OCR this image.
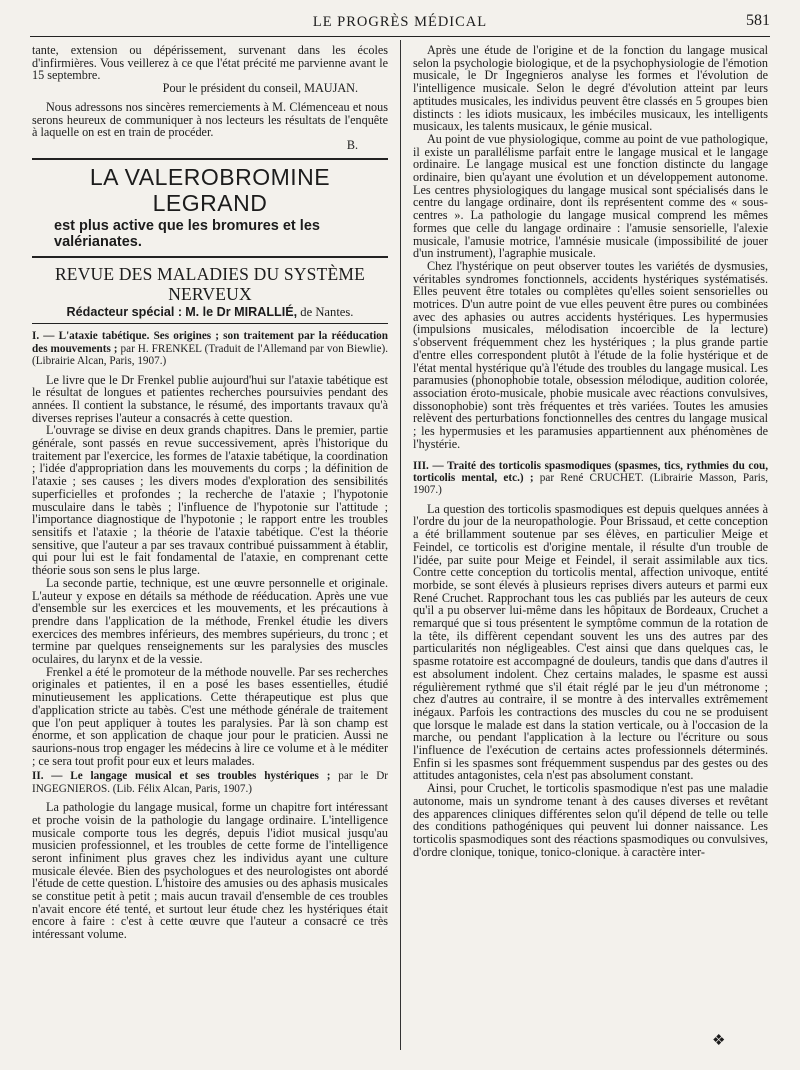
LE PROGRÈS MÉDICAL	581

tante, extension ou dépérissement, survenant dans les écoles d'infirmières. Vous veillerez à ce que l'état précité me parvienne avant le 15 septembre.

Pour le président du conseil, MAUJAN.

Nous adressons nos sincères remerciements à M. Clémenceau et nous serons heureux de communiquer à nos lecteurs les résultats de l'enquête à laquelle on est en train de procéder.

B.

LA VALEROBROMINE LEGRAND
est plus active que les bromures et les valérianates.
REVUE DES MALADIES DU SYSTÈME NERVEUX
Rédacteur spécial : M. le Dr MIRALLIÉ, de Nantes.

I. — L'ataxie tabétique. Ses origines ; son traitement par la rééducation des mouvements ; par H. FRENKEL (Traduit de l'Allemand par von Biewlie). (Librairie Alcan, Paris, 1907.)

Le livre que le Dr Frenkel publie aujourd'hui sur l'ataxie tabétique est le résultat de longues et patientes recherches poursuivies pendant des années. Il contient la substance, le résumé, des importants travaux qu'à diverses reprises l'auteur a consacrés à cette question.

L'ouvrage se divise en deux grands chapitres. Dans le premier, partie générale, sont passés en revue successivement, après l'historique du traitement par l'exercice, les formes de l'ataxie tabétique, la coordination ; l'idée d'appropriation dans les mouvements du corps ; la définition de l'ataxie ; ses causes ; les divers modes d'exploration des sensibilités superficielles et profondes ; la recherche de l'ataxie ; l'hypotonie musculaire dans le tabès ; l'influence de l'hypotonie sur l'attitude ; l'importance diagnostique de l'hypotonie ; le rapport entre les troubles sensitifs et l'ataxie ; la théorie de l'ataxie tabétique. C'est la théorie sensitive, que l'auteur a par ses travaux contribué puissamment à établir, qui pour lui est le fait fondamental de l'ataxie, en comprenant cette théorie sous son sens le plus large.

La seconde partie, technique, est une œuvre personnelle et originale. L'auteur y expose en détails sa méthode de rééducation. Après une vue d'ensemble sur les exercices et les mouvements, et les précautions à prendre dans l'application de la méthode, Frenkel étudie les divers exercices des membres inférieurs, des membres supérieurs, du tronc ; et termine par quelques renseignements sur les paralysies des muscles oculaires, du larynx et de la vessie.

Frenkel a été le promoteur de la méthode nouvelle. Par ses recherches originales et patientes, il en a posé les bases essentielles, étudié minutieusement les applications. Cette thérapeutique est plus que d'application stricte au tabès. C'est une méthode générale de traitement que l'on peut appliquer à toutes les paralysies. Par là son champ est énorme, et son application de chaque jour pour le praticien. Aussi ne saurions-nous trop engager les médecins à lire ce volume et à le méditer ; ce sera tout profit pour eux et leurs malades.

II. — Le langage musical et ses troubles hystériques ; par le Dr INGEGNIEROS. (Lib. Félix Alcan, Paris, 1907.)

La pathologie du langage musical, forme un chapitre fort intéressant et proche voisin de la pathologie du langage ordinaire. L'intelligence musicale comporte tous les degrés, depuis l'idiot musical jusqu'au musicien professionnel, et les troubles de cette forme de l'intelligence seront infiniment plus graves chez les individus ayant une culture musicale élevée. Bien des psychologues et des neurologistes ont abordé l'étude de cette question. L'histoire des amusies ou des aphasis musicales se constitue petit à petit ; mais aucun travail d'ensemble de ces troubles n'avait encore été tenté, et surtout leur étude chez les hystériques était encore à faire : c'est à cette œuvre que l'auteur a consacré ce très intéressant volume.

Après une étude de l'origine et de la fonction du langage musical selon la psychologie biologique, et de la psychophysiologie de l'émotion musicale, le Dr Ingegnieros analyse les formes et l'évolution de l'intelligence musicale. Selon le degré d'évolution atteint par leurs aptitudes musicales, les individus peuvent être classés en 5 groupes bien distincts : les idiots musicaux, les imbéciles musicaux, les intelligents musicaux, les talents musicaux, le génie musical.

Au point de vue physiologique, comme au point de vue pathologique, il existe un parallélisme parfait entre le langage musical et le langage ordinaire. Le langage musical est une fonction distincte du langage ordinaire, bien qu'ayant une évolution et un développement autonome. Les centres physiologiques du langage musical sont spécialisés dans le centre du langage ordinaire, dont ils représentent comme des « sous-centres ». La pathologie du langage musical comprend les mêmes formes que celle du langage ordinaire : l'amusie sensorielle, l'alexie musicale, l'amusie motrice, l'amnésie musicale (impossibilité de jouer d'un instrument), l'agraphie musicale.

Chez l'hystérique on peut observer toutes les variétés de dysmusies, véritables syndromes fonctionnels, accidents hystériques systématisés. Elles peuvent être totales ou complètes qu'elles soient sensorielles ou motrices. D'un autre point de vue elles peuvent être pures ou combinées avec des aphasies ou autres accidents hystériques. Les hypermusies (impulsions musicales, mélodisation incoercible de la lecture) s'observent fréquemment chez les hystériques ; la plus grande partie d'entre elles correspondent plutôt à l'étude de la folie hystérique et de l'état mental hystérique qu'à l'étude des troubles du langage musical. Les paramusies (phonophobie totale, obsession mélodique, audition colorée, association éroto-musicale, phobie musicale avec réactions convulsives, dissonophobie) sont très fréquentes et très variées. Toutes les amusies relèvent des perturbations fonctionnelles des centres du langage musical ; les hypermusies et les paramusies appartiennent aux phénomènes de l'hystérie.

III. — Traité des torticolis spasmodiques (spasmes, tics, rythmies du cou, torticolis mental, etc.) ; par René CRUCHET. (Librairie Masson, Paris, 1907.)

La question des torticolis spasmodiques est depuis quelques années à l'ordre du jour de la neuropathologie. Pour Brissaud, et cette conception a été brillamment soutenue par ses élèves, en particulier Meige et Feindel, ce torticolis est d'origine mentale, il résulte d'un trouble de l'idée, par suite pour Meige et Feindel, il serait assimilable aux tics. Contre cette conception du torticolis mental, affection univoque, entité morbide, se sont élevés à plusieurs reprises divers auteurs et parmi eux René Cruchet. Rapprochant tous les cas publiés par les auteurs de ceux qu'il a pu observer lui-même dans les hôpitaux de Bordeaux, Cruchet a remarqué que si tous présentent le symptôme commun de la rotation de la tête, ils diffèrent cependant souvent les uns des autres par des particularités non négligeables. C'est ainsi que dans quelques cas, le spasme rotatoire est accompagné de douleurs, tandis que dans d'autres il est absolument indolent. Chez certains malades, le spasme est aussi régulièrement rythmé que s'il était réglé par le jeu d'un métronome ; chez d'autres au contraire, il se montre à des intervalles extrêmement inégaux. Parfois les contractions des muscles du cou ne se produisent que lorsque le malade est dans la station verticale, ou à l'occasion de la marche, ou pendant l'application à la lecture ou l'écriture ou sous l'influence de l'exécution de certains actes professionnels déterminés. Enfin si les spasmes sont fréquemment suspendus par des gestes ou des attitudes antagonistes, cela n'est pas absolument constant.

Ainsi, pour Cruchet, le torticolis spasmodique n'est pas une maladie autonome, mais un syndrome tenant à des causes diverses et revêtant des apparences cliniques différentes selon qu'il dépend de telle ou telle des conditions pathogéniques qui peuvent lui donner naissance. Les torticolis spasmodiques sont des réactions spasmodiques ou convulsives, d'ordre clonique, tonique, tonico-clonique. à caractère inter-

❖
